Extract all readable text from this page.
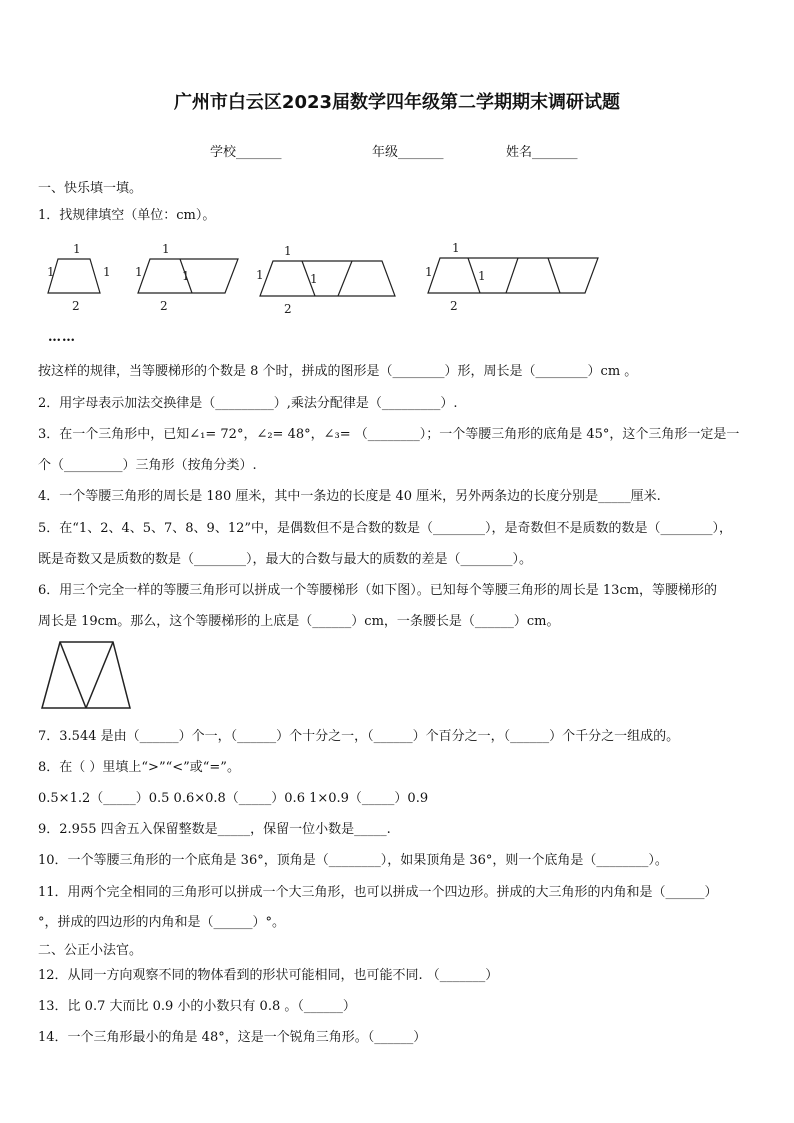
广州市白云区2023届数学四年级第二学期期末调研试题
学校_______	年级_______	姓名_______
一、快乐填一填。
1．找规律填空（单位：cm）。
1
1	1
2
1
1	1
2
1
1	1
2
1
1	1
2
……
按这样的规律，当等腰梯形的个数是 8 个时，拼成的图形是（________）形，周长是（________）cm 。
2．用字母表示加法交换律是（_________）,乘法分配律是（_________）.
3．在一个三角形中，已知∠₁= 72°，∠₂= 48°，∠₃= （________）；一个等腰三角形的底角是 45°，这个三角形一定是一
个（_________）三角形（按角分类）.
4．一个等腰三角形的周长是 180 厘米，其中一条边的长度是 40 厘米，另外两条边的长度分别是_____厘米.
5．在“1、2、4、5、7、8、9、12”中，是偶数但不是合数的数是（________），是奇数但不是质数的数是（________），
既是奇数又是质数的数是（________），最大的合数与最大的质数的差是（________）。
6．用三个完全一样的等腰三角形可以拼成一个等腰梯形（如下图）。已知每个等腰三角形的周长是 13cm，等腰梯形的
周长是 19cm。那么，这个等腰梯形的上底是（______）cm，一条腰长是（______）cm。
7．3.544 是由（______）个一，（______）个十分之一，（______）个百分之一，（______）个千分之一组成的。
8．在（ ）里填上“>”“<”或“=”。
0.5×1.2（_____）0.5 0.6×0.8（_____）0.6 1×0.9（_____）0.9
9．2.955 四舍五入保留整数是_____，保留一位小数是_____.
10．一个等腰三角形的一个底角是 36°，顶角是（________），如果顶角是 36°，则一个底角是（________）。
11．用两个完全相同的三角形可以拼成一个大三角形，也可以拼成一个四边形。拼成的大三角形的内角和是（______）
°，拼成的四边形的内角和是（______）°。
二、公正小法官。
12．从同一方向观察不同的物体看到的形状可能相同，也可能不同. （_______）
13．比 0.7 大而比 0.9 小的小数只有 0.8 。（______）
14．一个三角形最小的角是 48°，这是一个锐角三角形。（______）
